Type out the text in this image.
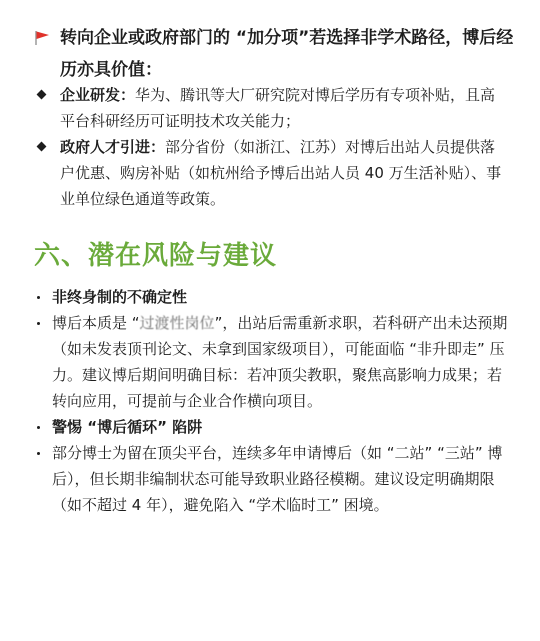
转向企业或政府部门的 “加分项”若选择非学术路径，博后经历亦具价值：
企业研发：华为、腾讯等大厂研究院对博后学历有专项补贴，且高平台科研经历可证明技术攻关能力；
政府人才引进：部分省份（如浙江、江苏）对博后出站人员提供落户优惠、购房补贴（如杭州给予博后出站人员 40 万生活补贴）、事业单位绿色通道等政策。
六、潜在风险与建议
非终身制的不确定性
博后本质是 “过渡性岗位”，出站后需重新求职，若科研产出未达预期（如未发表顶刊论文、未拿到国家级项目），可能面临 “非升即走” 压力。建议博后期间明确目标：若冲顶尖教职，聚焦高影响力成果；若转向应用，可提前与企业合作横向项目。
警惕 “博后循环” 陷阱
部分博士为留在顶尖平台，连续多年申请博后（如 “二站” “三站” 博后），但长期非编制状态可能导致职业路径模糊。建议设定明确期限（如不超过 4 年），避免陷入 “学术临时工” 困境。
